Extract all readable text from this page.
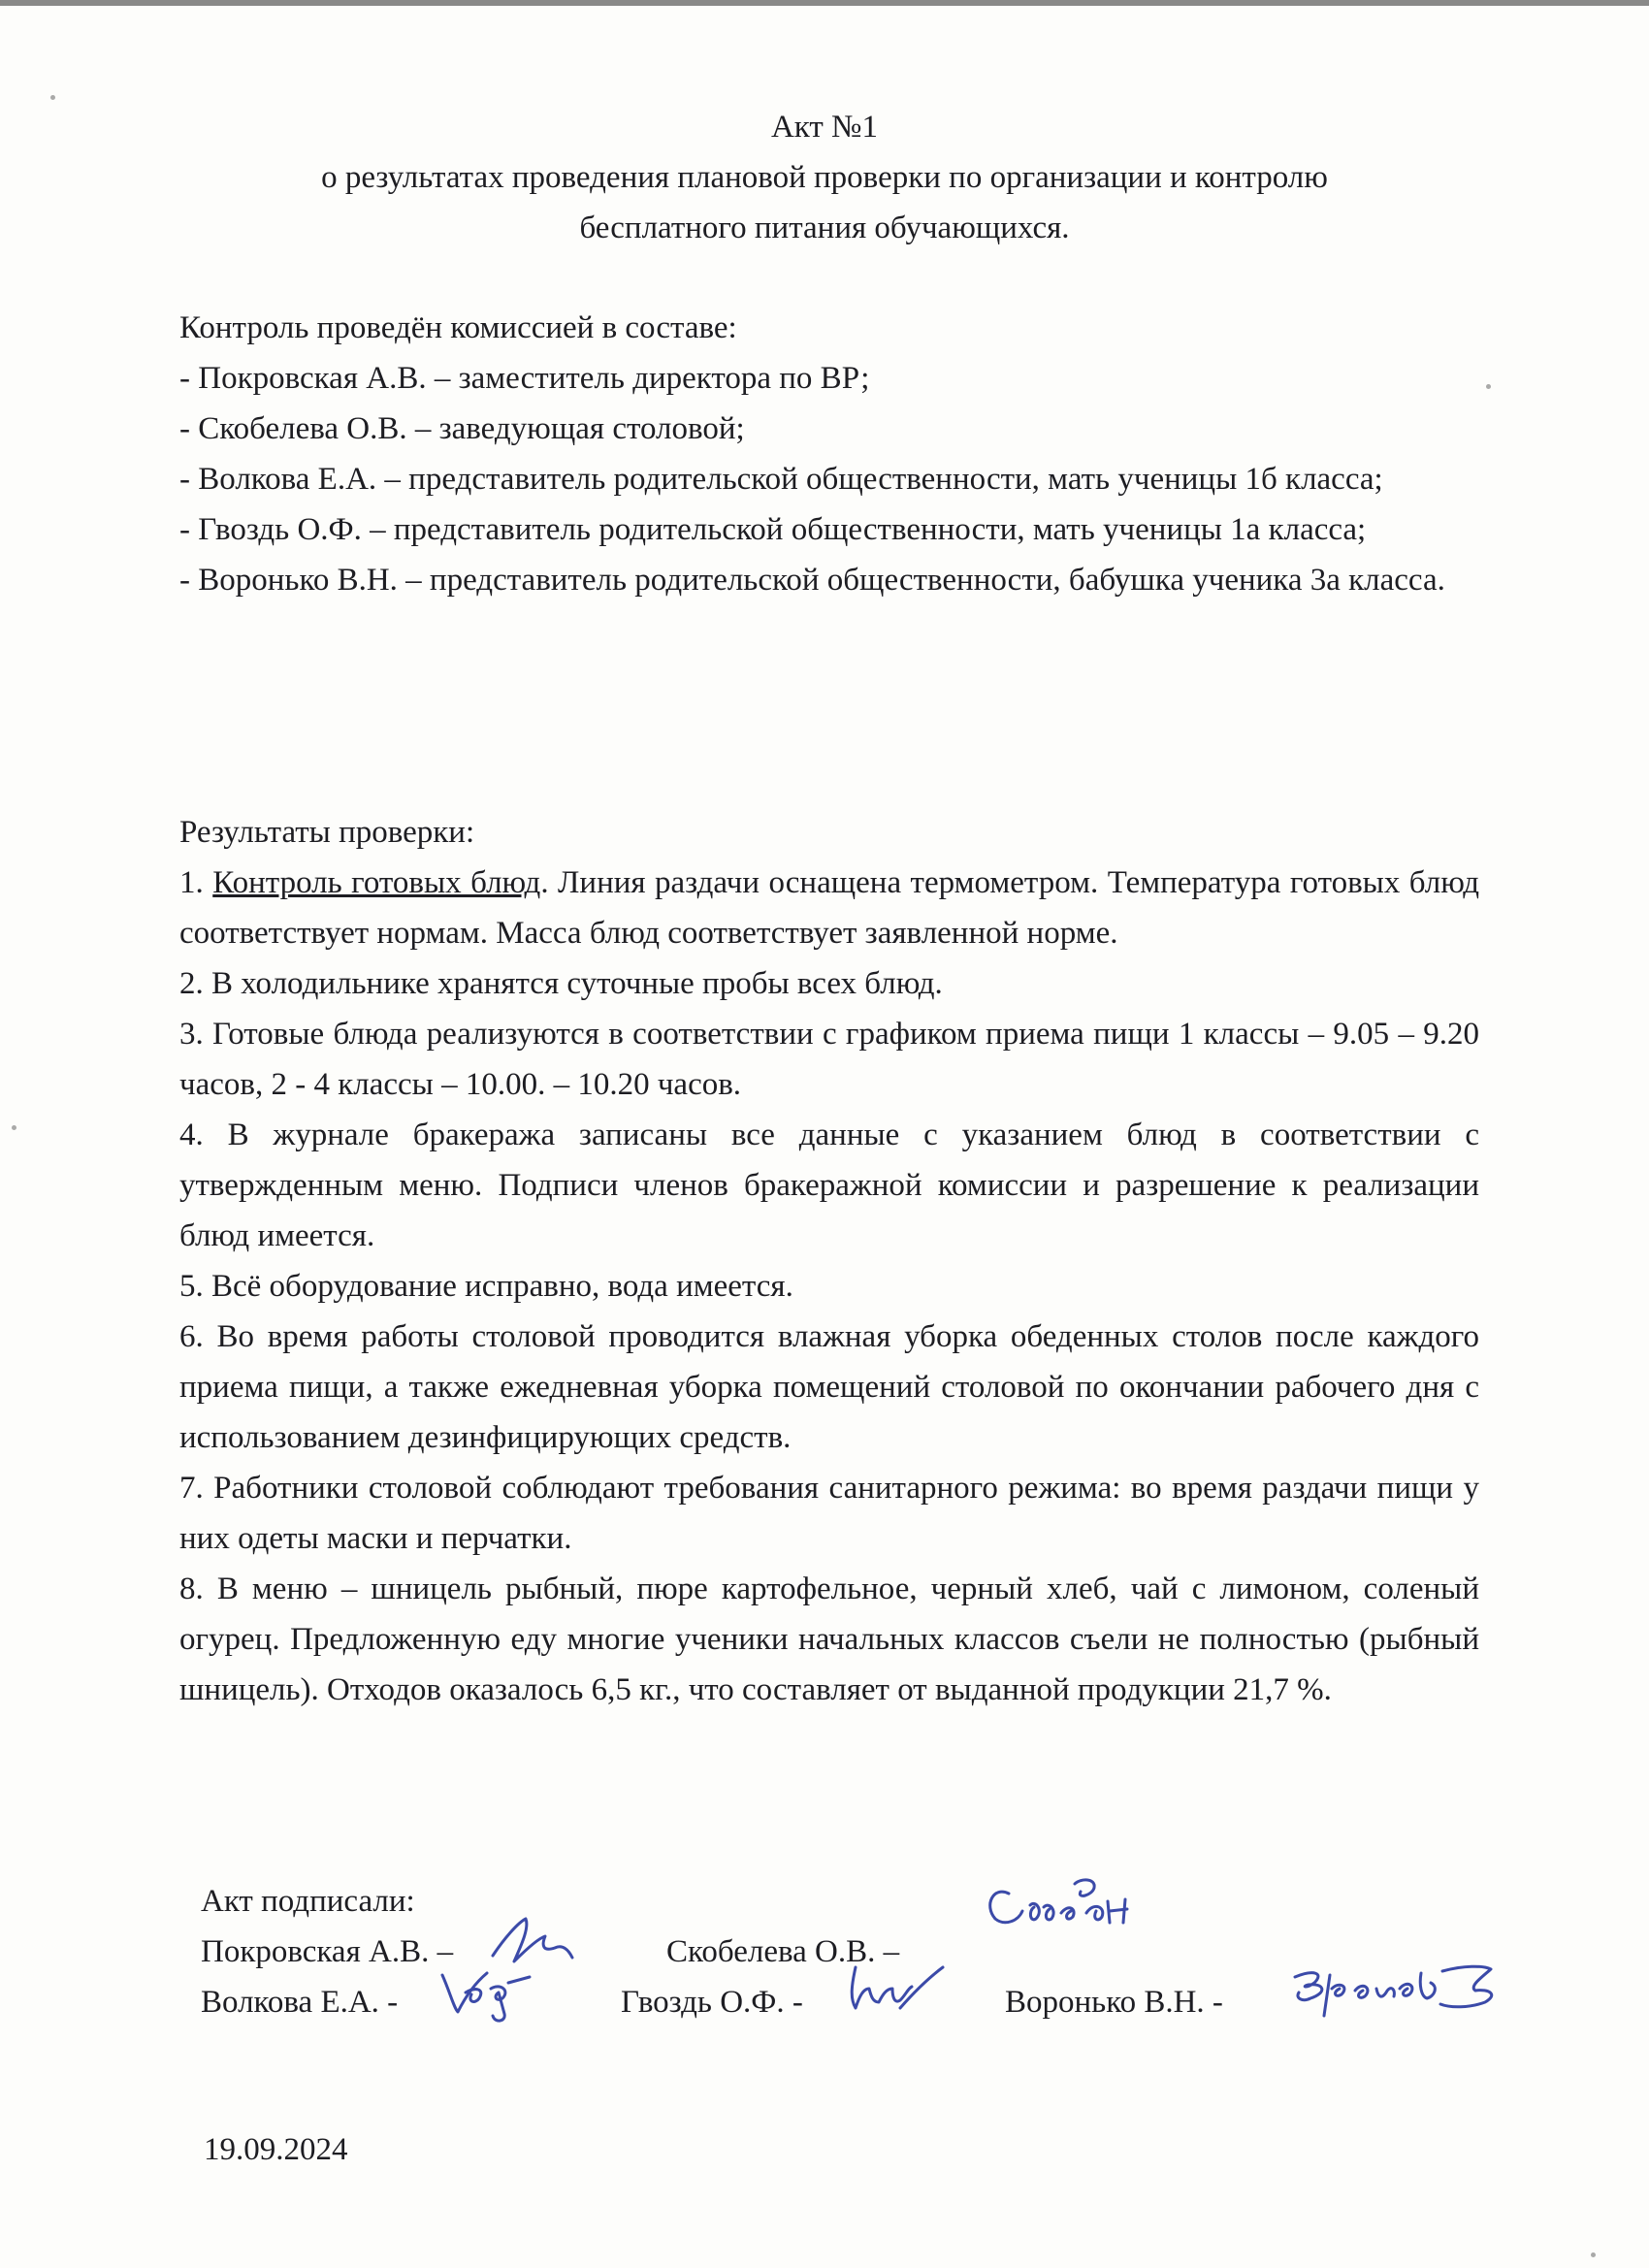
Акт №1

о результатах проведения плановой проверки по организации и контролю

бесплатного питания обучающихся.

Контроль проведён комиссией в составе:

- Покровская А.В. – заместитель директора по ВР;

- Скобелева О.В. – заведующая столовой;

- Волкова Е.А. – представитель родительской общественности, мать ученицы 1б класса;

- Гвоздь О.Ф. – представитель родительской общественности, мать ученицы 1а класса;

- Воронько В.Н. – представитель родительской общественности, бабушка ученика 3а класса.

Результаты проверки:

1. Контроль готовых блюд. Линия раздачи оснащена термометром. Температура готовых блюд соответствует нормам. Масса блюд соответствует заявленной норме.

2. В холодильнике хранятся суточные пробы всех блюд.

3. Готовые блюда реализуются в соответствии с графиком приема пищи 1 классы – 9.05 – 9.20 часов, 2 - 4 классы – 10.00. – 10.20 часов.

4. В журнале бракеража записаны все данные с указанием блюд в соответствии с утвержденным меню. Подписи членов бракеражной комиссии и разрешение к реализации блюд имеется.

5. Всё оборудование исправно, вода имеется.

6. Во время работы столовой проводится влажная уборка обеденных столов после каждого приема пищи, а также ежедневная уборка помещений столовой по окончании рабочего дня с использованием дезинфицирующих средств.

7. Работники столовой соблюдают требования санитарного режима: во время раздачи пищи у них одеты маски и перчатки.

8. В меню – шницель рыбный, пюре картофельное, черный хлеб, чай с лимоном, соленый огурец. Предложенную еду многие ученики начальных классов съели не полностью (рыбный шницель). Отходов оказалось 6,5 кг., что составляет от выданной продукции 21,7 %.

Акт подписали:

Покровская А.В. –	Скобелева О.В. –

Волкова Е.А. -	Гвоздь О.Ф. -	Воронько В.Н. -

19.09.2024
